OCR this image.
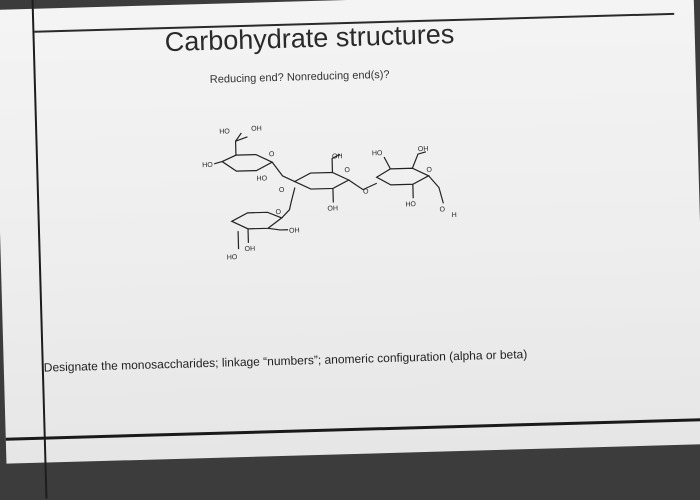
Carbohydrate structures
Reducing end? Nonreducing end(s)?
HO	OH
HO
O
HO
O
OH
O
OH
O
HO
OH
O
HO
O
H
O
OH
OH
HO
Designate the monosaccharides; linkage “numbers”; anomeric configuration (alpha or beta)
